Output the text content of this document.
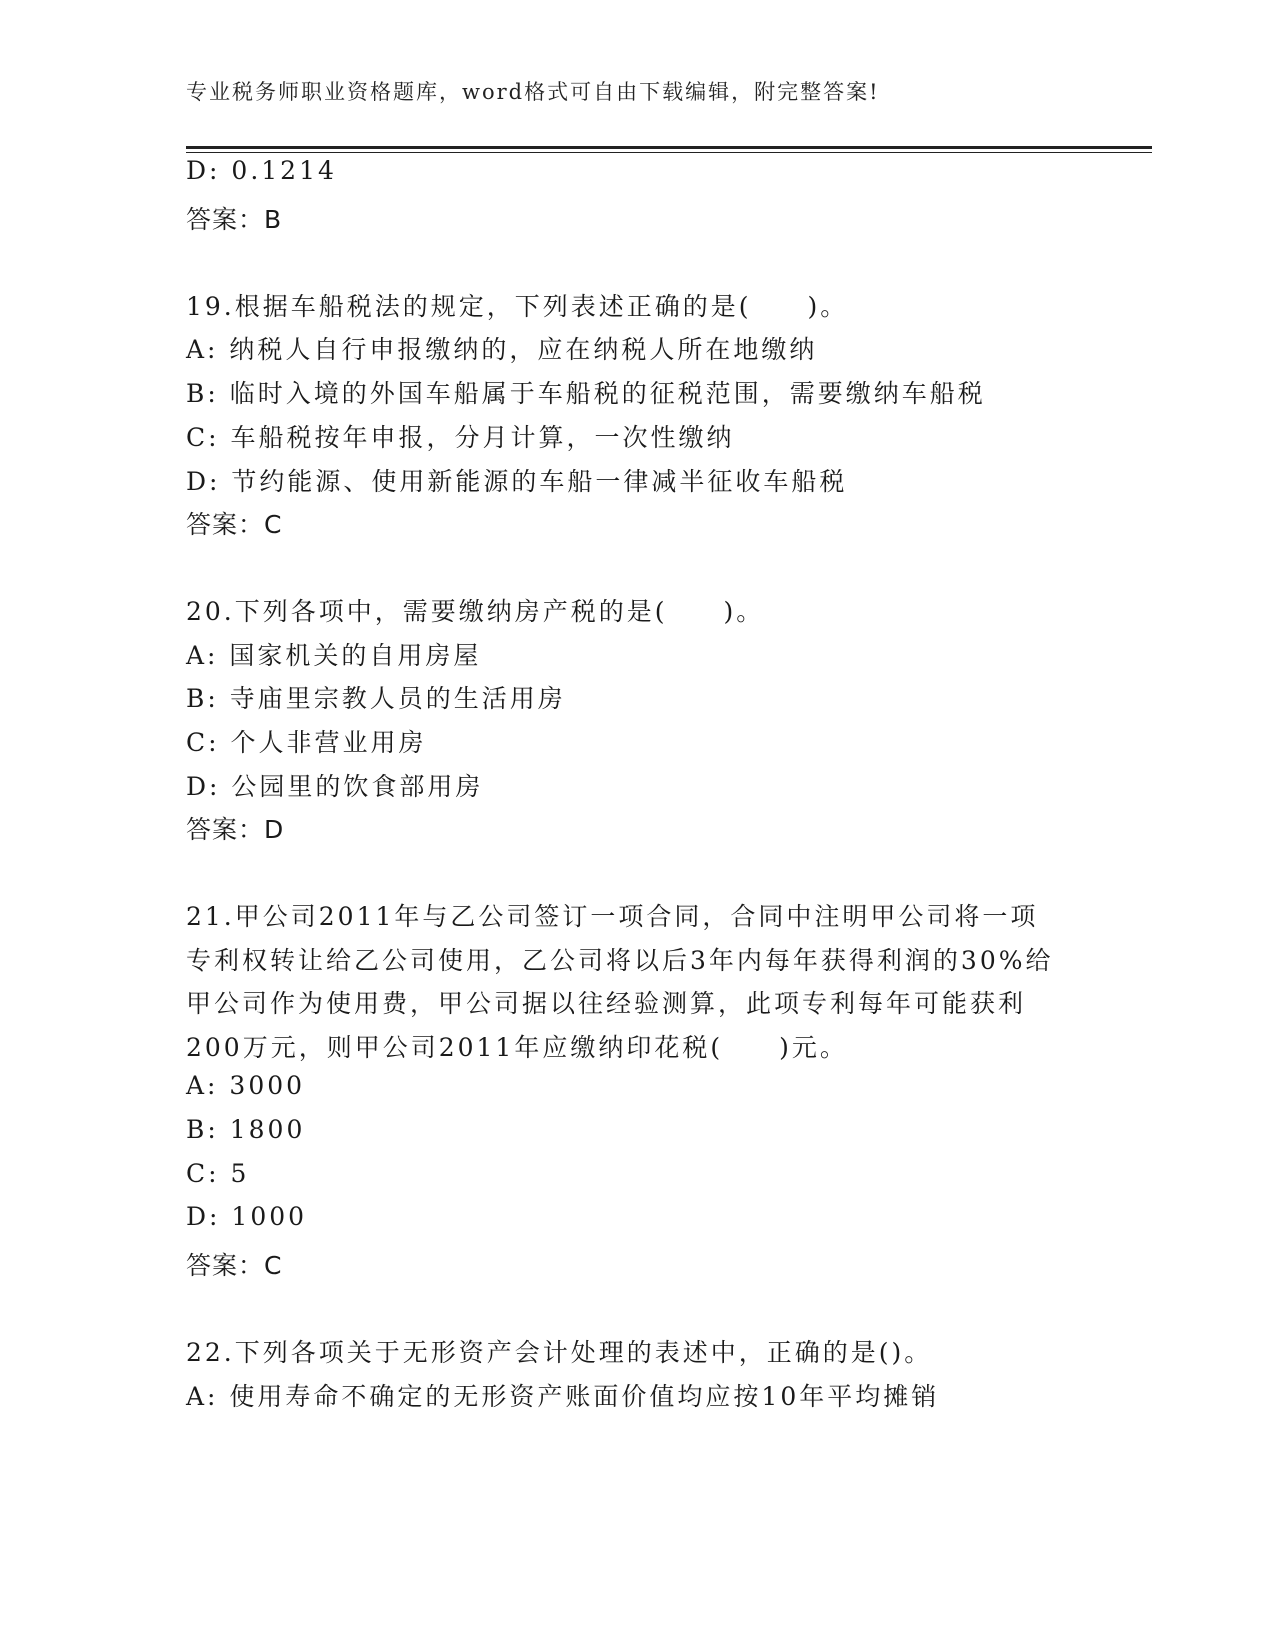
专业税务师职业资格题库，word格式可自由下载编辑，附完整答案!
D: 0.1214
答案：B
19.根据车船税法的规定，下列表述正确的是(　　)。
A: 纳税人自行申报缴纳的，应在纳税人所在地缴纳
B: 临时入境的外国车船属于车船税的征税范围，需要缴纳车船税
C: 车船税按年申报，分月计算，一次性缴纳
D: 节约能源、使用新能源的车船一律减半征收车船税
答案：C
20.下列各项中，需要缴纳房产税的是(　　)。
A: 国家机关的自用房屋
B: 寺庙里宗教人员的生活用房
C: 个人非营业用房
D: 公园里的饮食部用房
答案：D
21.甲公司2011年与乙公司签订一项合同，合同中注明甲公司将一项
专利权转让给乙公司使用，乙公司将以后3年内每年获得利润的30%给
甲公司作为使用费，甲公司据以往经验测算，此项专利每年可能获利
200万元，则甲公司2011年应缴纳印花税(　　)元。
A: 3000
B: 1800
C: 5
D: 1000
答案：C
22.下列各项关于无形资产会计处理的表述中，正确的是()。
A: 使用寿命不确定的无形资产账面价值均应按10年平均摊销
